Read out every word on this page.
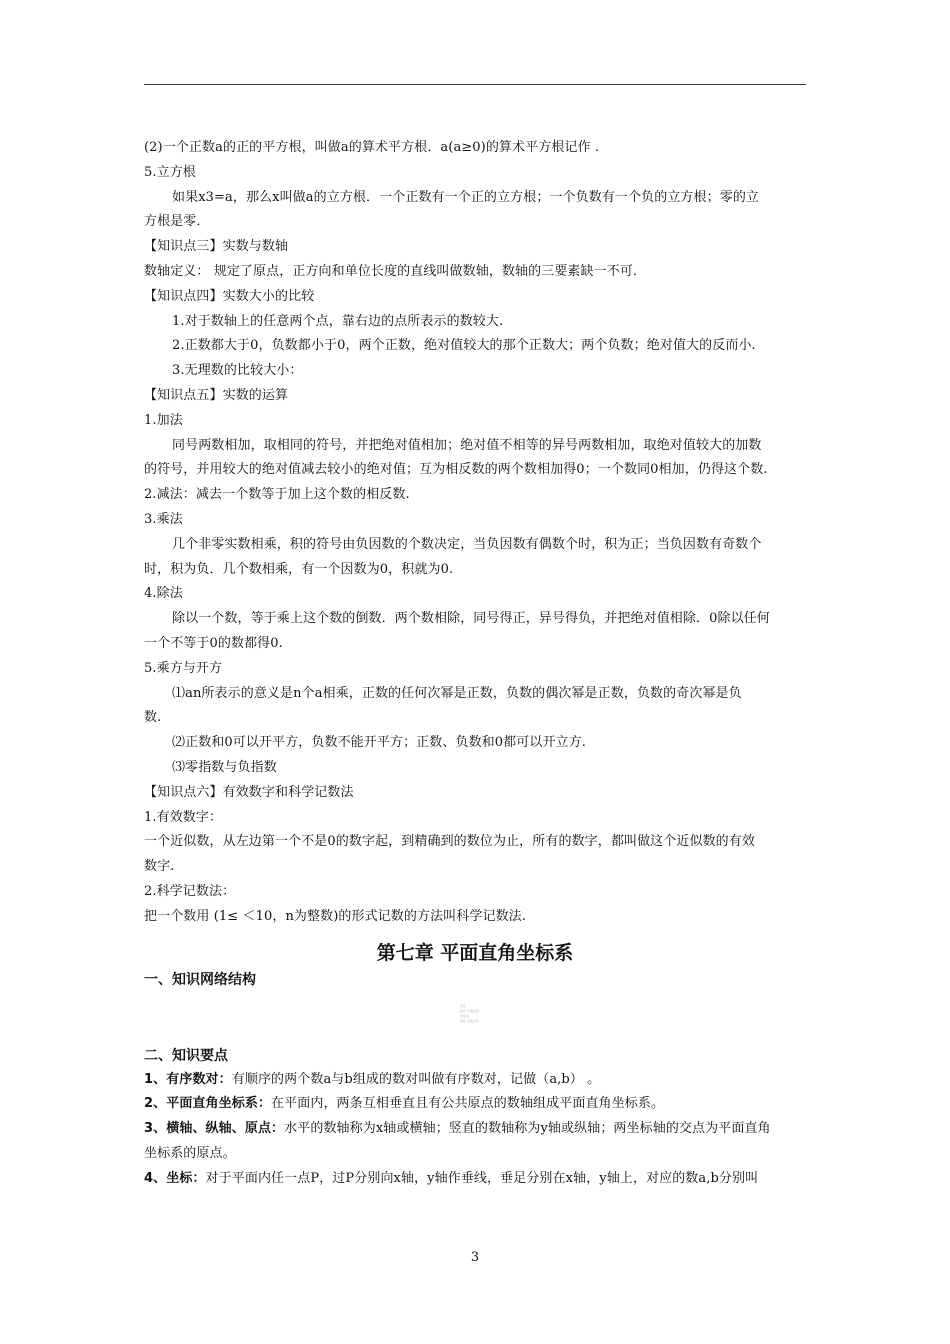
(2)一个正数a的正的平方根，叫做a的算术平方根．a(a≥0)的算术平方根记作 .
5.立方根
如果x3=a，那么x叫做a的立方根．一个正数有一个正的立方根；一个负数有一个负的立方根；零的立
方根是零．
【知识点三】实数与数轴
数轴定义： 规定了原点，正方向和单位长度的直线叫做数轴，数轴的三要素缺一不可．
【知识点四】实数大小的比较
1.对于数轴上的任意两个点，靠右边的点所表示的数较大.
2.正数都大于0，负数都小于0，两个正数，绝对值较大的那个正数大；两个负数；绝对值大的反而小.
3.无理数的比较大小：
【知识点五】实数的运算
1.加法
同号两数相加，取相同的符号，并把绝对值相加；绝对值不相等的异号两数相加，取绝对值较大的加数
的符号，并用较大的绝对值减去较小的绝对值；互为相反数的两个数相加得0；一个数同0相加，仍得这个数.
2.减法：减去一个数等于加上这个数的相反数.
3.乘法
几个非零实数相乘，积的符号由负因数的个数决定，当负因数有偶数个时，积为正；当负因数有奇数个
时，积为负．几个数相乘，有一个因数为0，积就为0.
4.除法
除以一个数，等于乘上这个数的倒数．两个数相除，同号得正，异号得负，并把绝对值相除．0除以任何
一个不等于0的数都得0.
5.乘方与开方
⑴an所表示的意义是n个a相乘，正数的任何次幂是正数，负数的偶次幂是正数，负数的奇次幂是负
数.
⑵正数和0可以开平方，负数不能开平方；正数、负数和0都可以开立方.
⑶零指数与负指数
【知识点六】有效数字和科学记数法
1.有效数字：
一个近似数，从左边第一个不是0的数字起，到精确到的数位为止，所有的数字，都叫做这个近似数的有效
数字.
2.科学记数法：
把一个数用 (1≤ ＜10，n为整数)的形式记数的方法叫科学记数法.
第七章 平面直角坐标系
一、知识网络结构
有序
数对 平面直角
坐标系
坐标 点的坐标
二、知识要点
1、有序数对：有顺序的两个数a与b组成的数对叫做有序数对，记做（a,b） 。
2、平面直角坐标系：在平面内，两条互相垂直且有公共原点的数轴组成平面直角坐标系。
3、横轴、纵轴、原点：水平的数轴称为x轴或横轴；竖直的数轴称为y轴或纵轴；两坐标轴的交点为平面直角
坐标系的原点。
4、坐标：对于平面内任一点P，过P分别向x轴，y轴作垂线，垂足分别在x轴，y轴上，对应的数a,b分别叫
3
